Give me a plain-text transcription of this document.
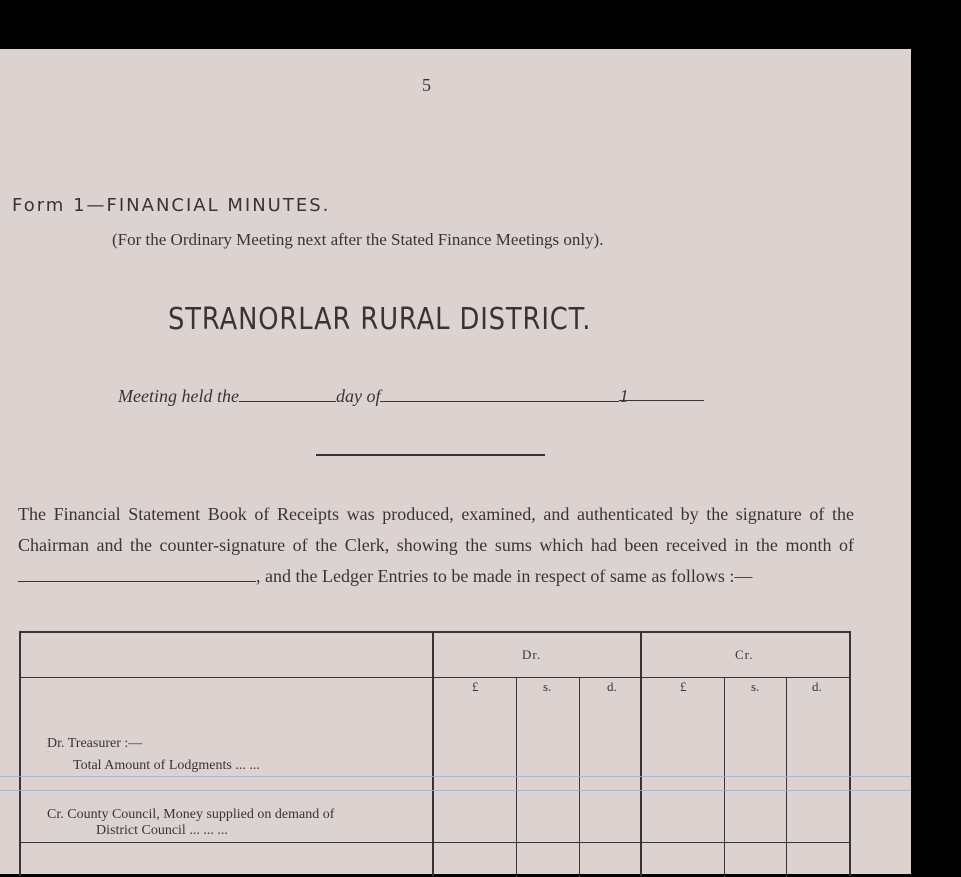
5
Form 1—FINANCIAL MINUTES.
(For the Ordinary Meeting next after the Stated Finance Meetings only).
STRANORLAR RURAL DISTRICT.
Meeting held the	day of	1
The Financial Statement Book of Receipts was produced, examined, and authenticated by the signature of the Chairman and the counter-signature of the Clerk, showing the sums which had been received in the month of, and the Ledger Entries to be made in respect of same as follows :—
Dr.	Cr.
£	s.	d.	£	s.	d.
Dr. Treasurer :—
Total Amount of Lodgments ... ...
Cr. County Council, Money supplied on demand of
District Council ... ... ...
